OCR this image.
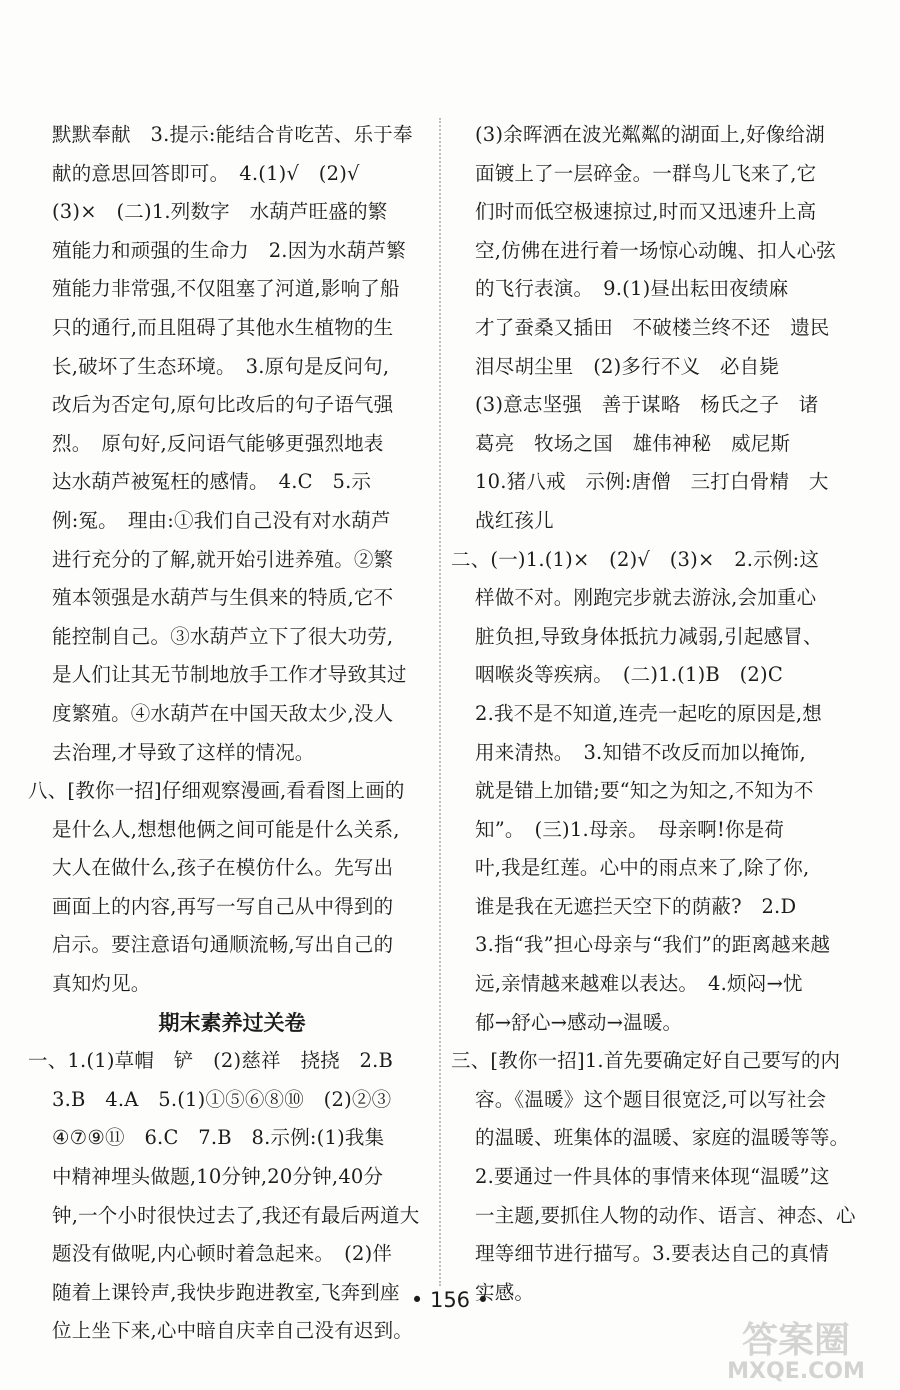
默默奉献　3.提示:能结合肯吃苦、乐于奉
献的意思回答即可。　4.(1)√　(2)√
(3)×　(二)1.列数字　水葫芦旺盛的繁
殖能力和顽强的生命力　2.因为水葫芦繁
殖能力非常强,不仅阻塞了河道,影响了船
只的通行,而且阻碍了其他水生植物的生
长,破坏了生态环境。　3.原句是反问句,
改后为否定句,原句比改后的句子语气强
烈。　原句好,反问语气能够更强烈地表
达水葫芦被冤枉的感情。　4.C　5.示
例:冤。　理由:①我们自己没有对水葫芦
进行充分的了解,就开始引进养殖。②繁
殖本领强是水葫芦与生俱来的特质,它不
能控制自己。③水葫芦立下了很大功劳,
是人们让其无节制地放手工作才导致其过
度繁殖。④水葫芦在中国天敌太少,没人
去治理,才导致了这样的情况。
八、[教你一招]仔细观察漫画,看看图上画的
是什么人,想想他俩之间可能是什么关系,
大人在做什么,孩子在模仿什么。先写出
画面上的内容,再写一写自己从中得到的
启示。要注意语句通顺流畅,写出自己的
真知灼见。
期末素养过关卷
一、1.(1)草帽　铲　(2)慈祥　挠挠　2.B
3.B　4.A　5.(1)①⑤⑥⑧⑩　(2)②③
④⑦⑨⑪　6.C　7.B　8.示例:(1)我集
中精神埋头做题,10分钟,20分钟,40分
钟,一个小时很快过去了,我还有最后两道大
题没有做呢,内心顿时着急起来。　(2)伴
随着上课铃声,我快步跑进教室,飞奔到座
位上坐下来,心中暗自庆幸自己没有迟到。
(3)余晖洒在波光粼粼的湖面上,好像给湖
面镀上了一层碎金。一群鸟儿飞来了,它
们时而低空极速掠过,时而又迅速升上高
空,仿佛在进行着一场惊心动魄、扣人心弦
的飞行表演。　9.(1)昼出耘田夜绩麻
才了蚕桑又插田　不破楼兰终不还　遗民
泪尽胡尘里　(2)多行不义　必自毙
(3)意志坚强　善于谋略　杨氏之子　诸
葛亮　牧场之国　雄伟神秘　威尼斯
10.猪八戒　示例:唐僧　三打白骨精　大
战红孩儿
二、(一)1.(1)×　(2)√　(3)×　2.示例:这
样做不对。刚跑完步就去游泳,会加重心
脏负担,导致身体抵抗力减弱,引起感冒、
咽喉炎等疾病。　(二)1.(1)B　(2)C
2.我不是不知道,连壳一起吃的原因是,想
用来清热。　3.知错不改反而加以掩饰,
就是错上加错;要“知之为知之,不知为不
知”。　(三)1.母亲。　母亲啊!你是荷
叶,我是红莲。心中的雨点来了,除了你,
谁是我在无遮拦天空下的荫蔽?　2.D
3.指“我”担心母亲与“我们”的距离越来越
远,亲情越来越难以表达。　4.烦闷→忧
郁→舒心→感动→温暖。
三、[教你一招]1.首先要确定好自己要写的内
容。《温暖》这个题目很宽泛,可以写社会
的温暖、班集体的温暖、家庭的温暖等等。
2.要通过一件具体的事情来体现“温暖”这
一主题,要抓住人物的动作、语言、神态、心
理等细节进行描写。3.要表达自己的真情
实感。
• 156 •
答案圈
MXQE.COM
